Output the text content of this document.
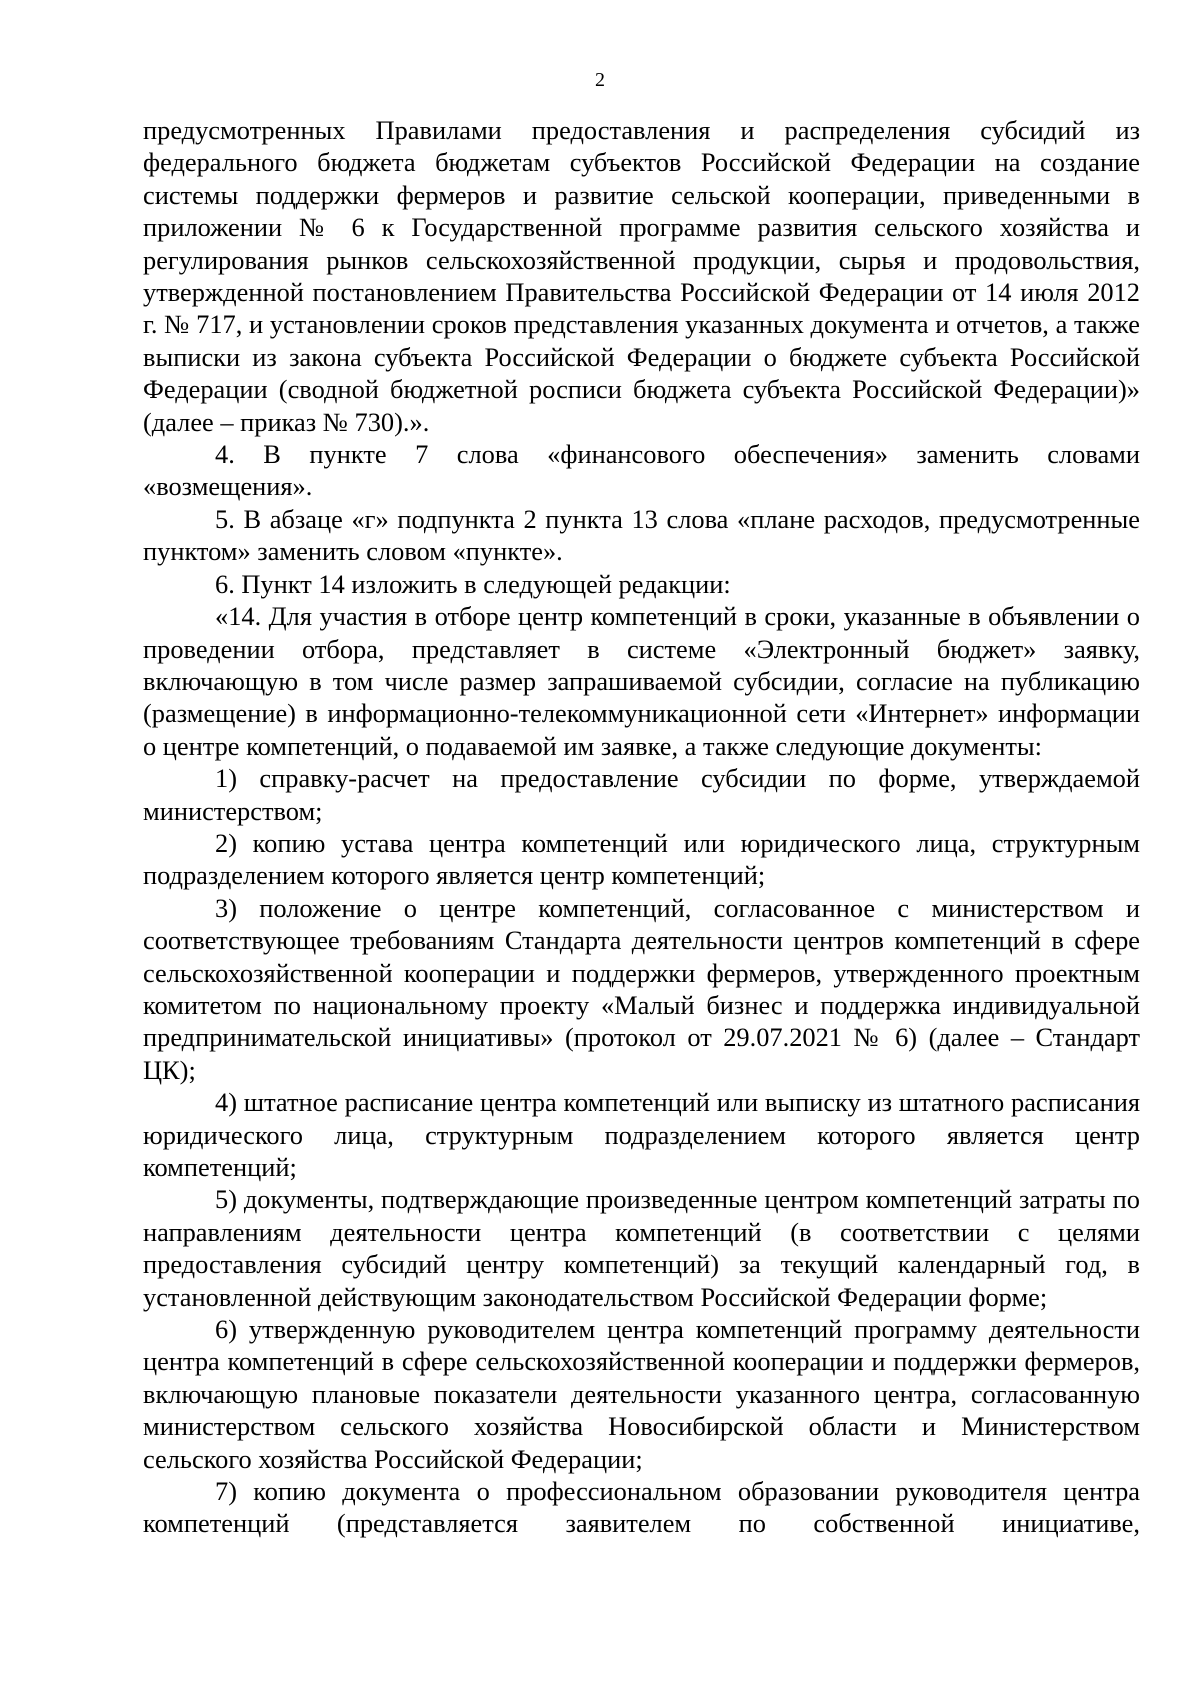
2

предусмотренных Правилами предоставления и распределения субсидий из федерального бюджета бюджетам субъектов Российской Федерации на создание системы поддержки фермеров и развитие сельской кооперации, приведенными в приложении № 6 к Государственной программе развития сельского хозяйства и регулирования рынков сельскохозяйственной продукции, сырья и продовольствия, утвержденной постановлением Правительства Российской Федерации от 14 июля 2012 г. № 717, и установлении сроков представления указанных документа и отчетов, а также выписки из закона субъекта Российской Федерации о бюджете субъекта Российской Федерации (сводной бюджетной росписи бюджета субъекта Российской Федерации)» (далее – приказ № 730).».

4. В пункте 7 слова «финансового обеспечения» заменить словами «возмещения».

5. В абзаце «г» подпункта 2 пункта 13 слова «плане расходов, предусмотренные пунктом» заменить словом «пункте».

6. Пункт 14 изложить в следующей редакции:

«14. Для участия в отборе центр компетенций в сроки, указанные в объявлении о проведении отбора, представляет в системе «Электронный бюджет» заявку, включающую в том числе размер запрашиваемой субсидии, согласие на публикацию (размещение) в информационно-телекоммуникационной сети «Интернет» информации о центре компетенций, о подаваемой им заявке, а также следующие документы:

1) справку-расчет на предоставление субсидии по форме, утверждаемой министерством;

2) копию устава центра компетенций или юридического лица, структурным подразделением которого является центр компетенций;

3) положение о центре компетенций, согласованное с министерством и соответствующее требованиям Стандарта деятельности центров компетенций в сфере сельскохозяйственной кооперации и поддержки фермеров, утвержденного проектным комитетом по национальному проекту «Малый бизнес и поддержка индивидуальной предпринимательской инициативы» (протокол от 29.07.2021 № 6) (далее – Стандарт ЦК);

4) штатное расписание центра компетенций или выписку из штатного расписания юридического лица, структурным подразделением которого является центр компетенций;

5) документы, подтверждающие произведенные центром компетенций затраты по направлениям деятельности центра компетенций (в соответствии с целями предоставления субсидий центру компетенций) за текущий календарный год, в установленной действующим законодательством Российской Федерации форме;

6) утвержденную руководителем центра компетенций программу деятельности центра компетенций в сфере сельскохозяйственной кооперации и поддержки фермеров, включающую плановые показатели деятельности указанного центра, согласованную министерством сельского хозяйства Новосибирской области и Министерством сельского хозяйства Российской Федерации;

7) копию документа о профессиональном образовании руководителя центра компетенций (представляется заявителем по собственной инициативе,
